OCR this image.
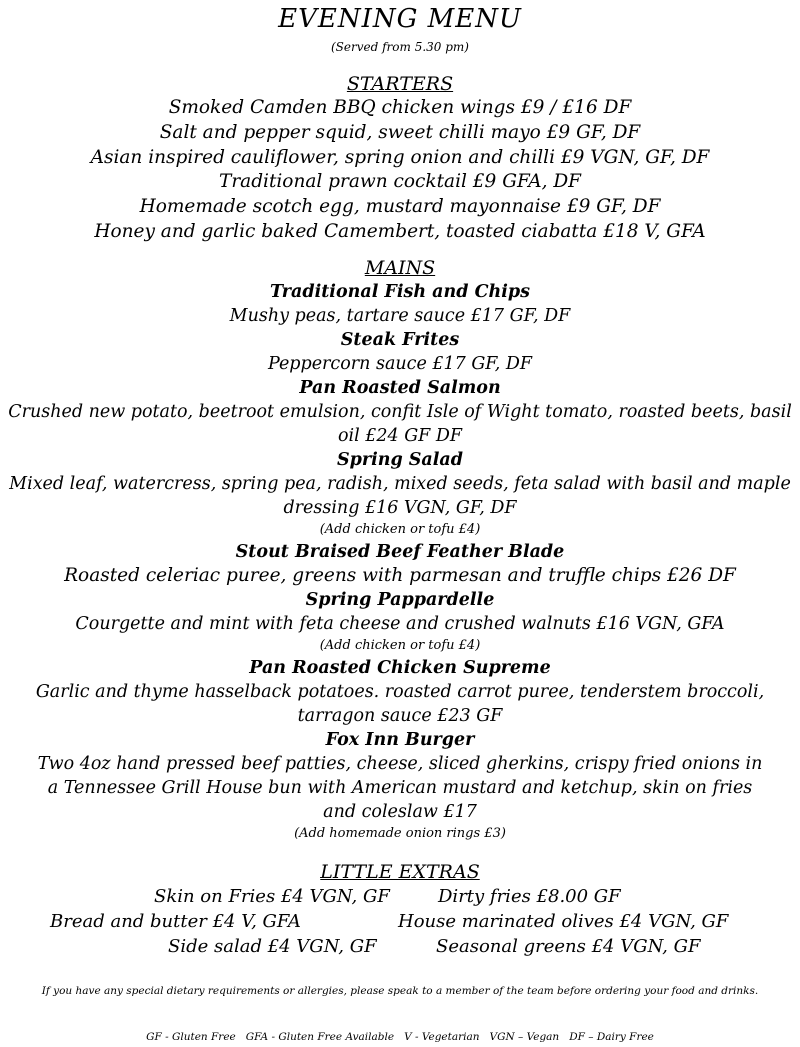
EVENING MENU
(Served from 5.30 pm)
STARTERS
Smoked Camden BBQ chicken wings £9 / £16 DF
Salt and pepper squid, sweet chilli mayo £9 GF, DF
Asian inspired cauliflower, spring onion and chilli £9 VGN, GF, DF
Traditional prawn cocktail £9 GFA, DF
Homemade scotch egg, mustard mayonnaise £9 GF, DF
Honey and garlic baked Camembert, toasted ciabatta £18 V, GFA
MAINS
Traditional Fish and Chips
Mushy peas, tartare sauce £17 GF, DF
Steak Frites
Peppercorn sauce £17 GF, DF
Pan Roasted Salmon
Crushed new potato, beetroot emulsion, confit Isle of Wight tomato, roasted beets, basil oil £24 GF DF
Spring Salad
Mixed leaf, watercress, spring pea, radish, mixed seeds, feta salad with basil and maple dressing £16 VGN, GF, DF
(Add chicken or tofu £4)
Stout Braised Beef Feather Blade
Roasted celeriac puree, greens with parmesan and truffle chips £26 DF
Spring Pappardelle
Courgette and mint with feta cheese and crushed walnuts £16 VGN, GFA
(Add chicken or tofu £4)
Pan Roasted Chicken Supreme
Garlic and thyme hasselback potatoes. roasted carrot puree, tenderstem broccoli, tarragon sauce £23 GF
Fox Inn Burger
Two 4oz hand pressed beef patties, cheese, sliced gherkins, crispy fried onions in a Tennessee Grill House bun with American mustard and ketchup, skin on fries and coleslaw £17
(Add homemade onion rings £3)
LITTLE EXTRAS
Skin on Fries £4 VGN, GF	Dirty fries £8.00 GF
Bread and butter £4 V, GFA	House marinated olives £4 VGN, GF
Side salad £4 VGN, GF	Seasonal greens £4 VGN, GF
If you have any special dietary requirements or allergies, please speak to a member of the team before ordering your food and drinks.
GF - Gluten Free   GFA - Gluten Free Available   V - Vegetarian   VGN – Vegan   DF – Dairy Free
